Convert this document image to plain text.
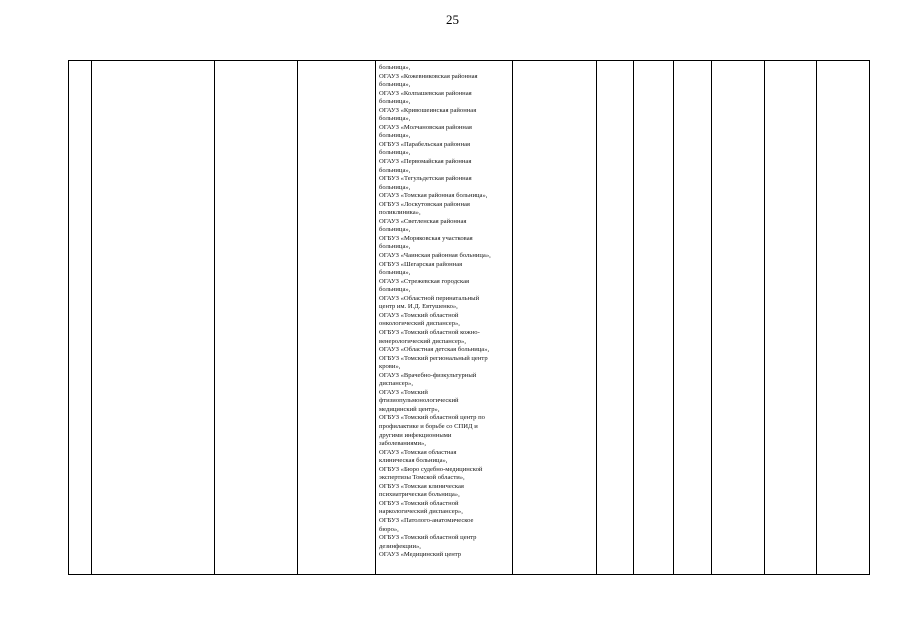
25
				больница»,
ОГАУЗ «Кожевниковская районная
больница»,
ОГАУЗ «Колпашевская районная
больница»,
ОГАУЗ «Кривошеинская районная
больница»,
ОГАУЗ «Молчановская районная
больница»,
ОГБУЗ «Парабельская районная
больница»,
ОГАУЗ «Первомайская районная
больница»,
ОГБУЗ «Тегульдетская районная
больница»,
ОГАУЗ «Томская районная больница»,
ОГБУЗ «Лоскутовская районная
поликлиника»,
ОГАУЗ «Светленская районная
больница»,
ОГБУЗ «Моряковская участковая
больница»,
ОГАУЗ «Чаинская районная больница»,
ОГБУЗ «Шегарская районная
больница»,
ОГАУЗ «Стрежевская городская
больница»,
ОГАУЗ «Областной перинатальный
центр им. И.Д. Евтушенко»,
ОГАУЗ «Томский областной
онкологический диспансер»,
ОГБУЗ «Томский областной кожно-
венерологический диспансер»,
ОГАУЗ «Областная детская больница»,
ОГБУЗ «Томский региональный центр
крови»,
ОГАУЗ «Врачебно-физкультурный
диспансер»,
ОГАУЗ «Томский
фтизиопульмонологический
медицинский центр»,
ОГБУЗ «Томский областной центр по
профилактике и борьбе со СПИД и
другими инфекционными
заболеваниями»,
ОГАУЗ «Томская областная
клиническая больница»,
ОГБУЗ «Бюро судебно-медицинской
экспертизы Томской области»,
ОГБУЗ «Томская клиническая
психиатрическая больница»,
ОГБУЗ «Томский областной
наркологический диспансер»,
ОГБУЗ «Патолого-анатомическое
бюро»,
ОГБУЗ «Томский областной центр
дезинфекции»,
ОГАУЗ «Медицинский центр							
